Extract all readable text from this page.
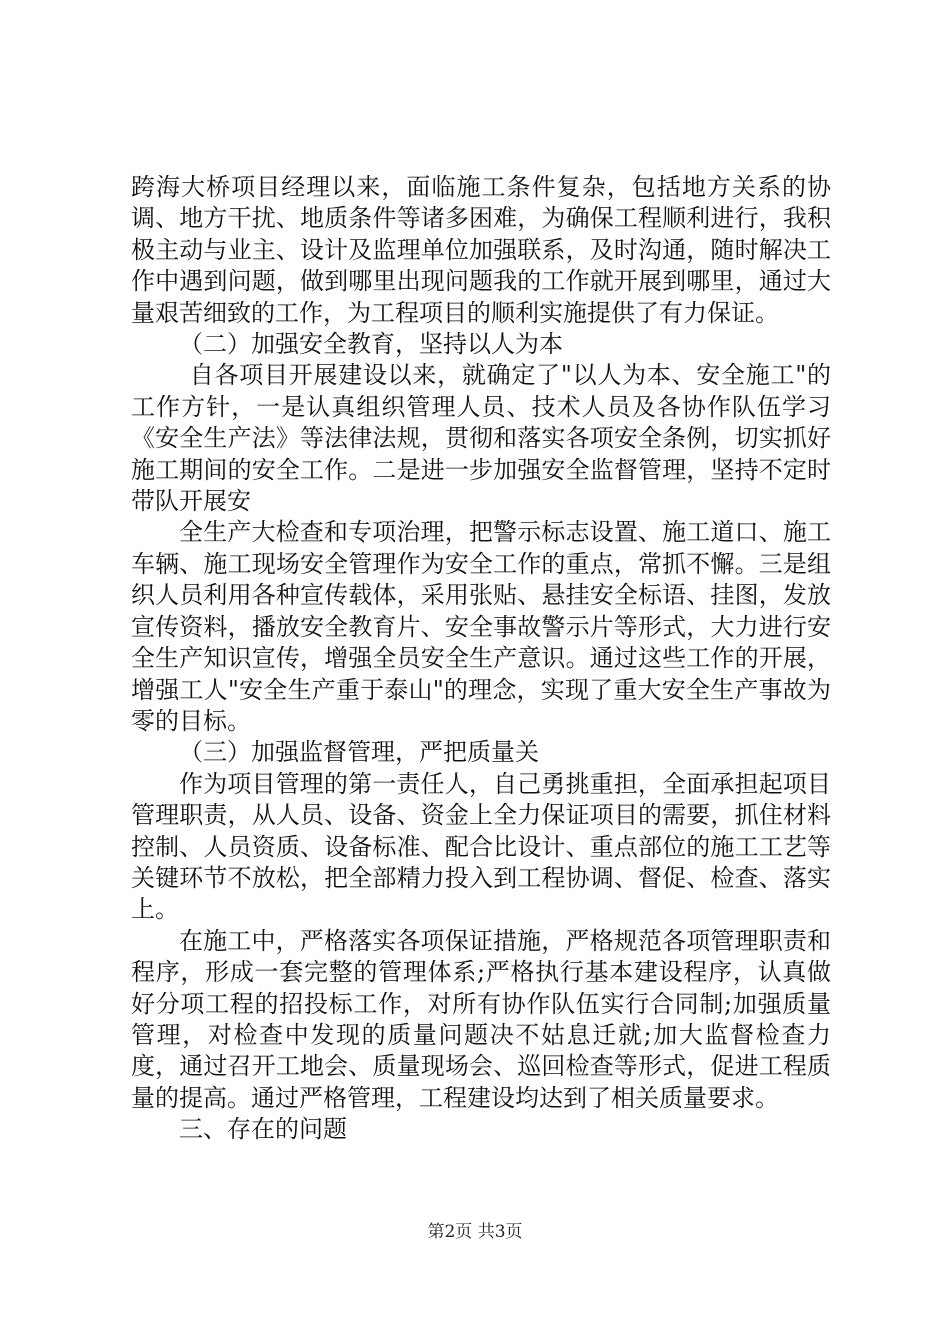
跨海大桥项目经理以来，面临施工条件复杂，包括地方关系的协调、地方干扰、地质条件等诸多困难，为确保工程顺利进行，我积极主动与业主、设计及监理单位加强联系，及时沟通，随时解决工作中遇到问题，做到哪里出现问题我的工作就开展到哪里，通过大量艰苦细致的工作，为工程项目的顺利实施提供了有力保证。

（二）加强安全教育，坚持以人为本

自各项目开展建设以来，就确定了"以人为本、安全施工"的工作方针，一是认真组织管理人员、技术人员及各协作队伍学习《安全生产法》等法律法规，贯彻和落实各项安全条例，切实抓好施工期间的安全工作。二是进一步加强安全监督管理，坚持不定时带队开展安

全生产大检查和专项治理，把警示标志设置、施工道口、施工车辆、施工现场安全管理作为安全工作的重点，常抓不懈。三是组织人员利用各种宣传载体，采用张贴、悬挂安全标语、挂图，发放宣传资料，播放安全教育片、安全事故警示片等形式，大力进行安全生产知识宣传，增强全员安全生产意识。通过这些工作的开展，增强工人"安全生产重于泰山"的理念，实现了重大安全生产事故为零的目标。

（三）加强监督管理，严把质量关

作为项目管理的第一责任人，自己勇挑重担，全面承担起项目管理职责，从人员、设备、资金上全力保证项目的需要，抓住材料控制、人员资质、设备标准、配合比设计、重点部位的施工工艺等关键环节不放松，把全部精力投入到工程协调、督促、检查、落实上。

在施工中，严格落实各项保证措施，严格规范各项管理职责和程序，形成一套完整的管理体系;严格执行基本建设程序，认真做好分项工程的招投标工作，对所有协作队伍实行合同制;加强质量管理，对检查中发现的质量问题决不姑息迁就;加大监督检查力度，通过召开工地会、质量现场会、巡回检查等形式，促进工程质量的提高。通过严格管理，工程建设均达到了相关质量要求。

三、存在的问题

第2页 共3页
